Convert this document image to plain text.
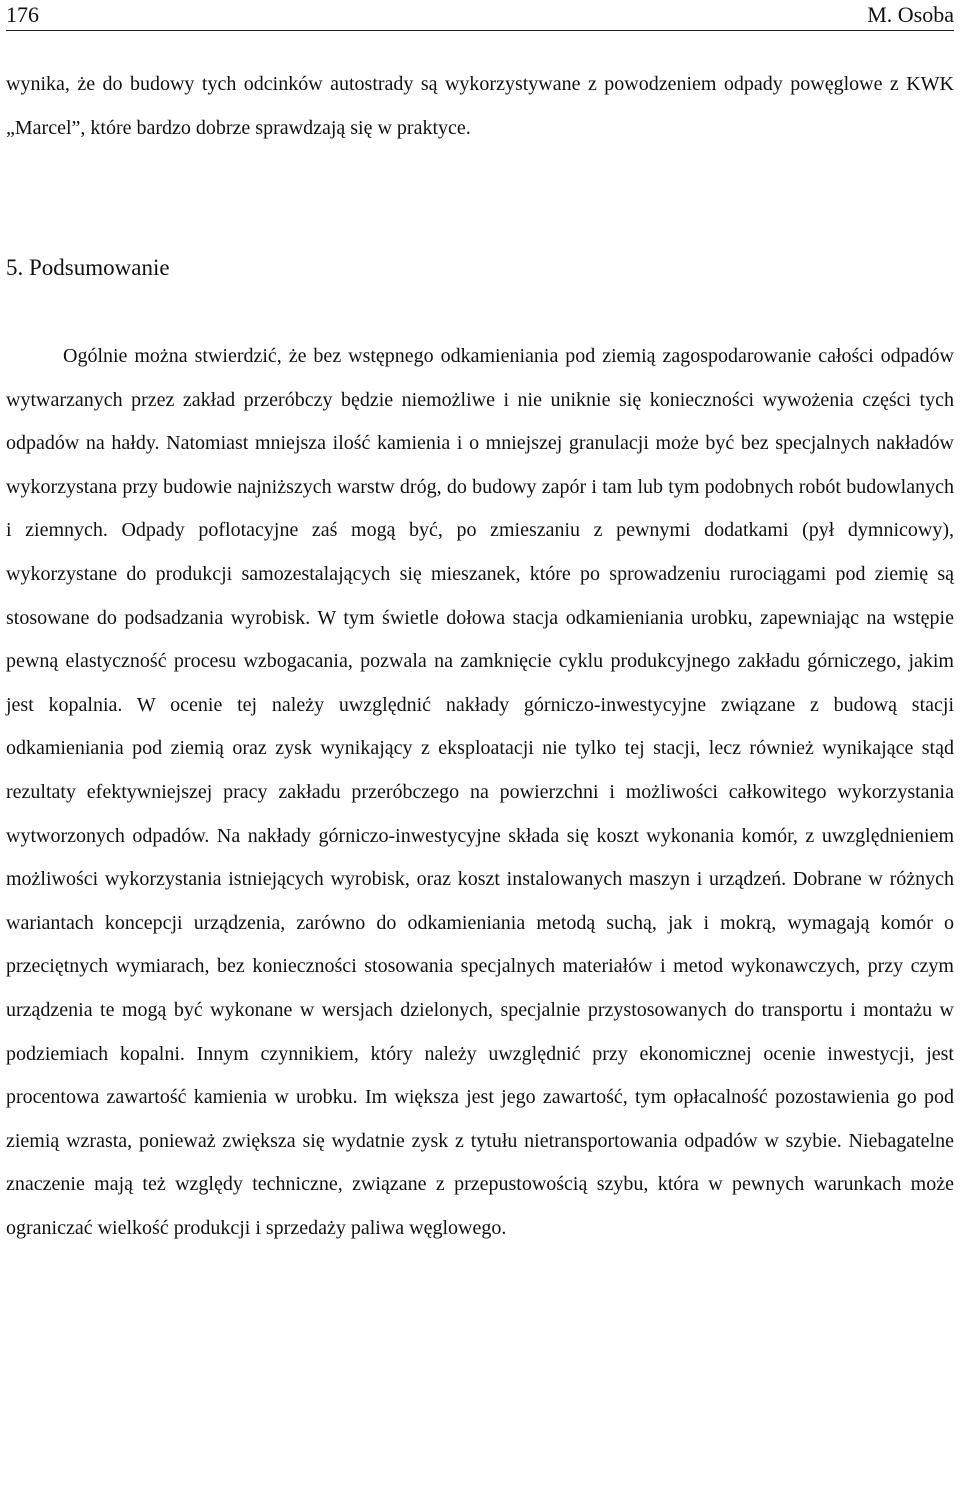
176	M. Osoba

wynika, że do budowy tych odcinków autostrady są wykorzystywane z powodzeniem odpady powęglowe z KWK „Marcel”, które bardzo dobrze sprawdzają się w praktyce.

5. Podsumowanie

Ogólnie można stwierdzić, że bez wstępnego odkamieniania pod ziemią zagospodarowanie całości odpadów wytwarzanych przez zakład przeróbczy będzie niemożliwe i nie uniknie się konieczności wywożenia części tych odpadów na hałdy. Natomiast mniejsza ilość kamienia i o mniejszej granulacji może być bez specjalnych nakładów wykorzystana przy budowie najniższych warstw dróg, do budowy zapór i tam lub tym podobnych robót budowlanych i ziemnych. Odpady poflotacyjne zaś mogą być, po zmieszaniu z pewnymi dodatkami (pył dymnicowy), wykorzystane do produkcji samozestalających się mieszanek, które po sprowadzeniu rurociągami pod ziemię są stosowane do podsadzania wyrobisk. W tym świetle dołowa stacja odkamieniania urobku, zapewniając na wstępie pewną elastyczność procesu wzbogacania, pozwala na zamknięcie cyklu produkcyjnego zakładu górniczego, jakim jest kopalnia. W ocenie tej należy uwzględnić nakłady górniczo-inwestycyjne związane z budową stacji odkamieniania pod ziemią oraz zysk wynikający z eksploatacji nie tylko tej stacji, lecz również wynikające stąd rezultaty efektywniejszej pracy zakładu przeróbczego na powierzchni i możliwości całkowitego wykorzystania wytworzonych odpadów. Na nakłady górniczo-inwestycyjne składa się koszt wykonania komór, z uwzględnieniem możliwości wykorzystania istniejących wyrobisk, oraz koszt instalowanych maszyn i urządzeń. Dobrane w różnych wariantach koncepcji urządzenia, zarówno do odkamieniania metodą suchą, jak i mokrą, wymagają komór o przeciętnych wymiarach, bez konieczności stosowania specjalnych materiałów i metod wykonawczych, przy czym urządzenia te mogą być wykonane w wersjach dzielonych, specjalnie przystosowanych do transportu i montażu w podziemiach kopalni. Innym czynnikiem, który należy uwzględnić przy ekonomicznej ocenie inwestycji, jest procentowa zawartość kamienia w urobku. Im większa jest jego zawartość, tym opłacalność pozostawienia go pod ziemią wzrasta, ponieważ zwiększa się wydatnie zysk z tytułu nietransportowania odpadów w szybie. Niebagatelne znaczenie mają też względy techniczne, związane z przepustowością szybu, która w pewnych warunkach może ograniczać wielkość produkcji i sprzedaży paliwa węglowego.
